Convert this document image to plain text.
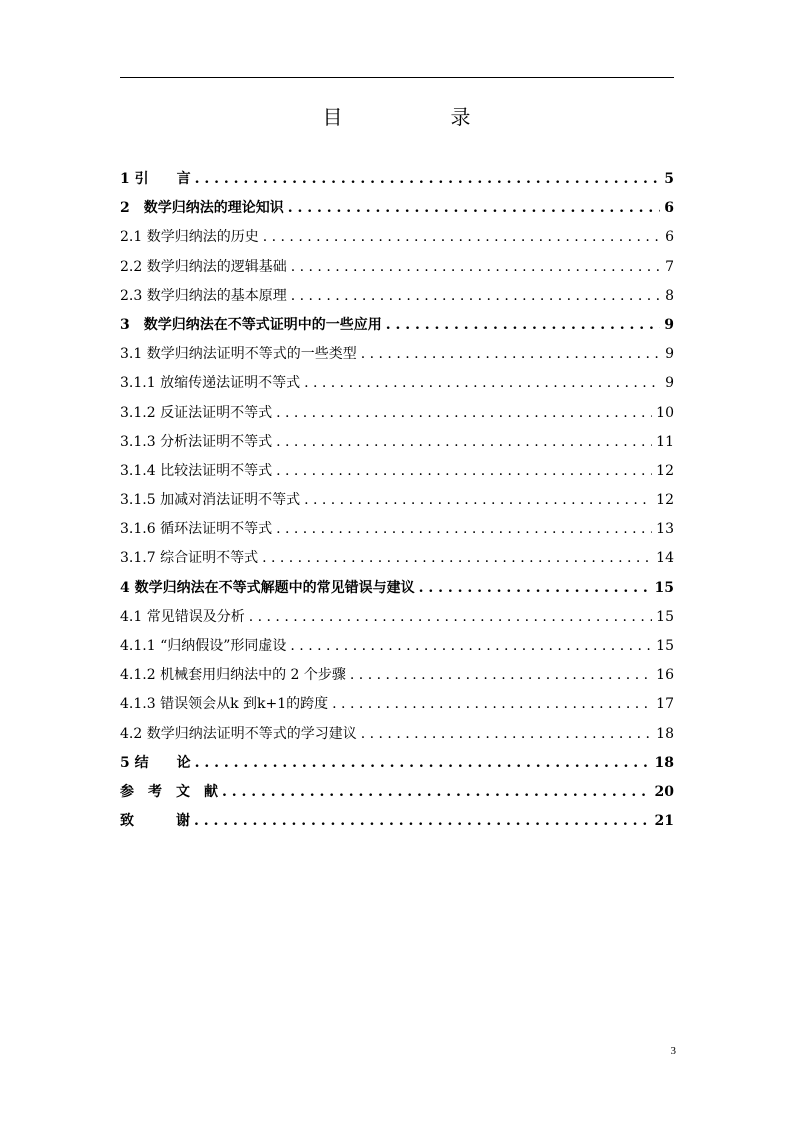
目　录
1 引　　言 . . .	5
2　数学归纳法的理论知识 . . .	6
2.1 数学归纳法的历史 . . .	6
2.2 数学归纳法的逻辑基础 . . .	7
2.3 数学归纳法的基本原理 . . .	8
3　数学归纳法在不等式证明中的一些应用 . . .	9
3.1 数学归纳法证明不等式的一些类型 . . .	9
3.1.1 放缩传递法证明不等式 . . .	9
3.1.2 反证法证明不等式 . . .	10
3.1.3 分析法证明不等式 . . .	11
3.1.4 比较法证明不等式 . . .	12
3.1.5 加减对消法证明不等式 . . .	12
3.1.6 循环法证明不等式 . . .	13
3.1.7 综合证明不等式 . . .	14
4 数学归纳法在不等式解题中的常见错误与建议 . . .	15
4.1 常见错误及分析 . . .	15
4.1.1 “归纳假设”形同虚设 . . .	15
4.1.2 机械套用归纳法中的 2 个步骤 . . .	16
4.1.3 错误领会从k 到k+1的跨度 . . .	17
4.2 数学归纳法证明不等式的学习建议 . . .	18
5 结　　论 . . .	18
参　考　文　献 . . .	20
致　　　谢 . . .	21
3
